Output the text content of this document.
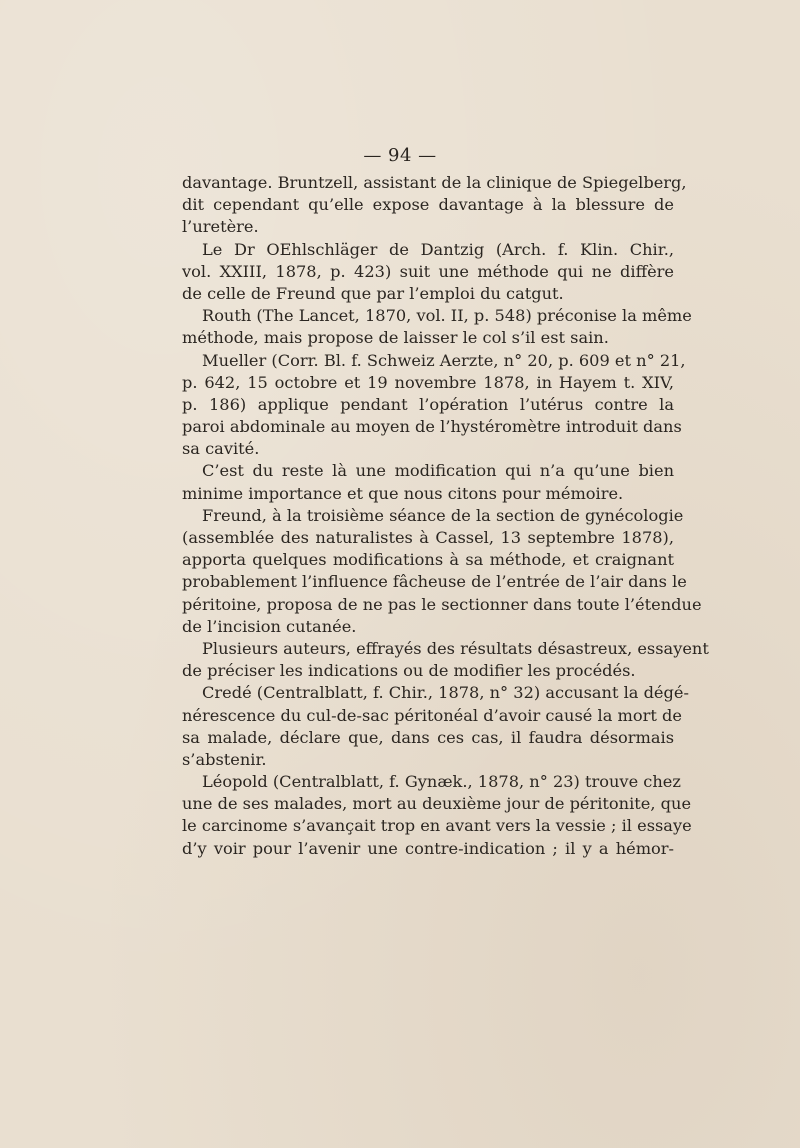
— 94 —
davantage. Bruntzell, assistant de la clinique de Spiegelberg,
dit cependant qu’elle expose davantage à la blessure de
l’uretère.
Le Dr OEhlschläger de Dantzig (Arch. f. Klin. Chir.,
vol. XXIII, 1878, p. 423) suit une méthode qui ne diffère
de celle de Freund que par l’emploi du catgut.
Routh (The Lancet, 1870, vol. II, p. 548) préconise la même
méthode, mais propose de laisser le col s’il est sain.
Mueller (Corr. Bl. f. Schweiz Aerzte, n° 20, p. 609 et n° 21,
p. 642, 15 octobre et 19 novembre 1878, in Hayem t. XIV,
p. 186) applique pendant l’opération l’utérus contre la
paroi abdominale au moyen de l’hystéromètre introduit dans
sa cavité.
C’est du reste là une modification qui n’a qu’une bien
minime importance et que nous citons pour mémoire.
Freund, à la troisième séance de la section de gynécologie
(assemblée des naturalistes à Cassel, 13 septembre 1878),
apporta quelques modifications à sa méthode, et craignant
probablement l’influence fâcheuse de l’entrée de l’air dans le
péritoine, proposa de ne pas le sectionner dans toute l’étendue
de l’incision cutanée.
Plusieurs auteurs, effrayés des résultats désastreux, essayent
de préciser les indications ou de modifier les procédés.
Credé (Centralblatt, f. Chir., 1878, n° 32) accusant la dégé-
nérescence du cul-de-sac péritonéal d’avoir causé la mort de
sa malade, déclare que, dans ces cas, il faudra désormais
s’abstenir.
Léopold (Centralblatt, f. Gynæk., 1878, n° 23) trouve chez
une de ses malades, mort au deuxième jour de péritonite, que
le carcinome s’avançait trop en avant vers la vessie ; il essaye
d’y voir pour l’avenir une contre-indication ; il y a hémor-
